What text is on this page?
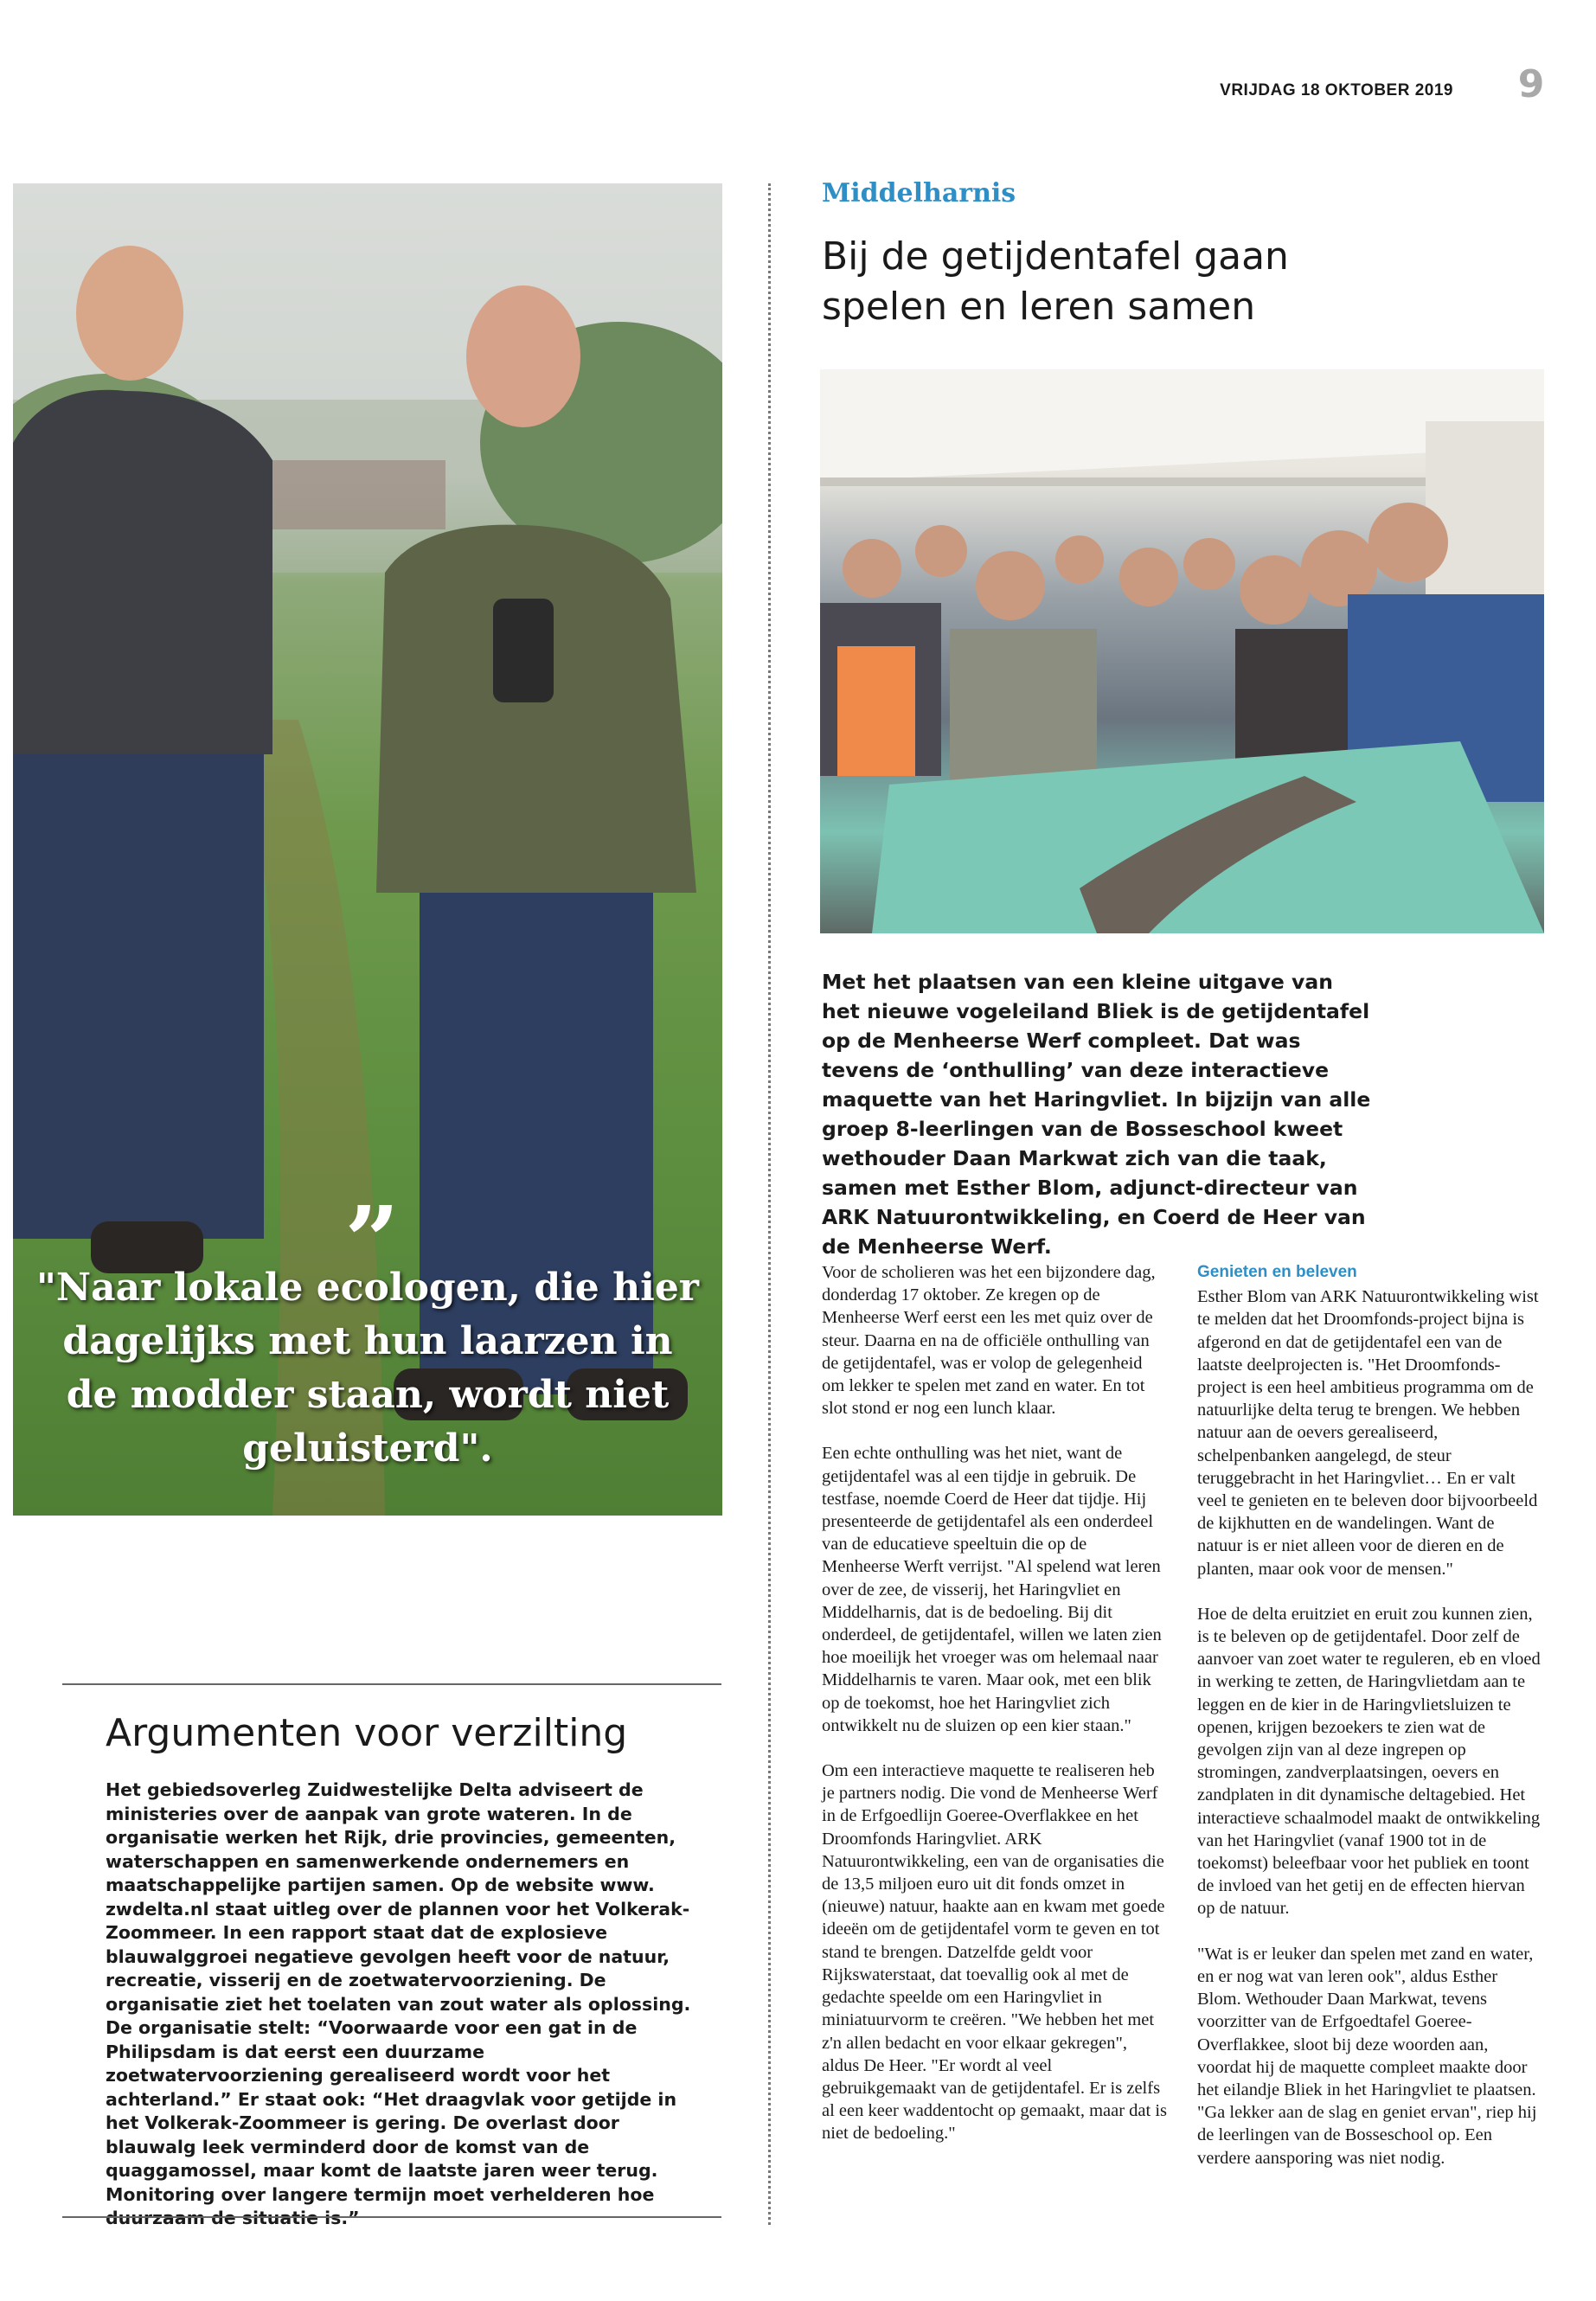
VRIJDAG 18 OKTOBER 2019	9
”
"Naar lokale ecologen, die hier dagelijks met hun laarzen in de modder staan, wordt niet geluisterd".
Middelharnis
Bij de getijdentafel gaan
spelen en leren samen
Met het plaatsen van een kleine uitgave van het nieuwe vogeleiland Bliek is de getijdentafel op de Menheerse Werf compleet. Dat was tevens de ‘onthulling’ van deze interactieve maquette van het Haringvliet. In bijzijn van alle groep 8-leerlingen van de Bosseschool kweet wethouder Daan Markwat zich van die taak, samen met Esther Blom, adjunct-directeur van ARK Natuurontwikkeling, en Coerd de Heer van de Menheerse Werf.

Voor de scholieren was het een bijzondere dag, donderdag 17 oktober. Ze kregen op de Menheerse Werf eerst een les met quiz over de steur. Daarna en na de officiële onthulling van de getijdentafel, was er volop de gelegenheid om lekker te spelen met zand en water. En tot slot stond er nog een lunch klaar.

Een echte onthulling was het niet, want de getijdentafel was al een tijdje in gebruik. De testfase, noemde Coerd de Heer dat tijdje. Hij presenteerde de getijdentafel als een onderdeel van de educatieve speeltuin die op de Menheerse Werft verrijst. "Al spelend wat leren over de zee, de visserij, het Haringvliet en Middelharnis, dat is de bedoeling. Bij dit onderdeel, de getijdentafel, willen we laten zien hoe moeilijk het vroeger was om helemaal naar Middelharnis te varen. Maar ook, met een blik op de toekomst, hoe het Haringvliet zich ontwikkelt nu de sluizen op een kier staan."

Om een interactieve maquette te realiseren heb je partners nodig. Die vond de Menheerse Werf in de Erfgoedlijn Goeree-Overflakkee en het Droomfonds Haringvliet. ARK Natuurontwikkeling, een van de organisaties die de 13,5 miljoen euro uit dit fonds omzet in (nieuwe) natuur, haakte aan en kwam met goede ideeën om de getijdentafel vorm te geven en tot stand te brengen. Datzelfde geldt voor Rijkswaterstaat, dat toevallig ook al met de gedachte speelde om een Haringvliet in miniatuurvorm te creëren. "We hebben het met z'n allen bedacht en voor elkaar gekregen", aldus De Heer. "Er wordt al veel gebruikgemaakt van de getijdentafel. Er is zelfs al een keer waddentocht op gemaakt, maar dat is niet de bedoeling."

Genieten en beleven

Esther Blom van ARK Natuurontwikkeling wist te melden dat het Droomfonds-project bijna is afgerond en dat de getijdentafel een van de laatste deelprojecten is. "Het Droomfonds-project is een heel ambitieus programma om de natuurlijke delta terug te brengen. We hebben natuur aan de oevers gerealiseerd, schelpenbanken aangelegd, de steur teruggebracht in het Haringvliet… En er valt veel te genieten en te beleven door bijvoorbeeld de kijkhutten en de wandelingen. Want de natuur is er niet alleen voor de dieren en de planten, maar ook voor de mensen."

Hoe de delta eruitziet en eruit zou kunnen zien, is te beleven op de getijdentafel. Door zelf de aanvoer van zoet water te reguleren, eb en vloed in werking te zetten, de Haringvlietdam aan te leggen en de kier in de Haringvlietsluizen te openen, krijgen bezoekers te zien wat de gevolgen zijn van al deze ingrepen op stromingen, zandverplaatsingen, oevers en zandplaten in dit dynamische deltagebied. Het interactieve schaalmodel maakt de ontwikkeling van het Haringvliet (vanaf 1900 tot in de toekomst) beleefbaar voor het publiek en toont de invloed van het getij en de effecten hiervan op de natuur.

"Wat is er leuker dan spelen met zand en water, en er nog wat van leren ook", aldus Esther Blom. Wethouder Daan Markwat, tevens voorzitter van de Erfgoedtafel Goeree-Overflakkee, sloot bij deze woorden aan, voordat hij de maquette compleet maakte door het eilandje Bliek in het Haringvliet te plaatsen. "Ga lekker aan de slag en geniet ervan", riep hij de leerlingen van de Bosseschool op. Een verdere aansporing was niet nodig.

Argumenten voor verzilting
Het gebiedsoverleg Zuidwestelijke Delta adviseert de ministeries over de aanpak van grote wateren. In de organisatie werken het Rijk, drie provincies, gemeenten, waterschappen en samenwerkende ondernemers en maatschappelijke partijen samen. Op de website www. zwdelta.nl staat uitleg over de plannen voor het Volkerak-Zoommeer. In een rapport staat dat de explosieve blauwalggroei negatieve gevolgen heeft voor de natuur, recreatie, visserij en de zoetwatervoorziening. De organisatie ziet het toelaten van zout water als oplossing. De organisatie stelt: “Voorwaarde voor een gat in de Philipsdam is dat eerst een duurzame zoetwatervoorziening gerealiseerd wordt voor het achterland.” Er staat ook: “Het draagvlak voor getijde in het Volkerak-Zoommeer is gering. De overlast door blauwalg leek verminderd door de komst van de quaggamossel, maar komt de laatste jaren weer terug. Monitoring over langere termijn moet verhelderen hoe duurzaam de situatie is.”
